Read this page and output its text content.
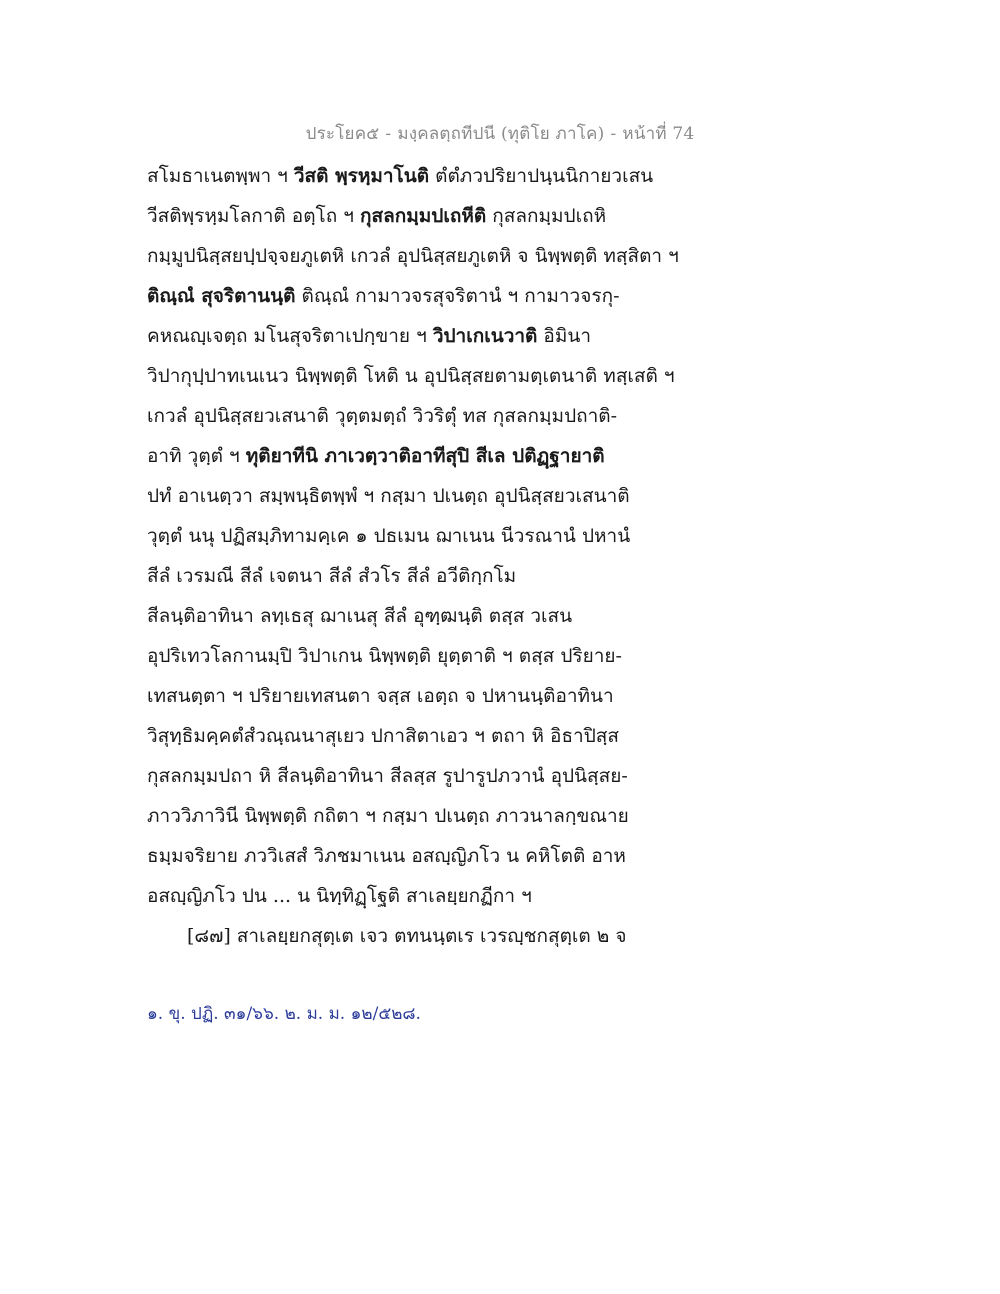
ประโยค๕ - มงฺคลตฺถทีปนี (ทุติโย ภาโค) - หน้าที่ 74
สโมธาเนตพฺพา ฯ วีสติ พฺรหฺมาโนติ ตํตํภวปริยาปนฺนนิกายวเสน
วีสติพฺรหฺมโลกาติ อตฺโถ ฯ กุสลกมฺมปเถหีติ กุสลกมฺมปเถหิ
กมฺมูปนิสฺสยปฺปจฺจยภูเตหิ เกวลํ อุปนิสฺสยภูเตหิ จ นิพฺพตฺติ ทสฺสิตา ฯ
ติณฺณํ สุจริตานนฺติ ติณฺณํ กามาวจรสุจริตานํ ฯ กามาวจรกุ-
คหณญฺเจตฺถ มโนสุจริตาเปกฺขาย ฯ วิปาเกเนวาติ อิมินา
วิปากุปฺปาทเนเนว นิพฺพตฺติ โหติ น อุปนิสฺสยตามตฺเตนาติ ทสฺเสติ ฯ
เกวลํ อุปนิสฺสยวเสนาติ วุตฺตมตฺถํ วิวริตุํ ทส กุสลกมฺมปถาติ-
อาทิ วุตฺตํ ฯ ทุติยาทีนิ ภาเวตฺวาติอาทีสุปิ สีเล ปติฏฺฐายาติ
ปทํ อาเนตฺวา สมฺพนฺธิตพฺพํ ฯ กสฺมา ปเนตฺถ อุปนิสฺสยวเสนาติ
วุตฺตํ นนุ ปฏิสมฺภิทามคฺเค ๑ ปธเมน ฌาเนน นีวรณานํ ปหานํ
สีลํ เวรมณี สีลํ เจตนา สีลํ สํวโร สีลํ อวีติกฺกโม
สีลนฺติอาทินา ลทฺเธสุ ฌาเนสุ สีลํ อุฑฺฒนฺติ ตสฺส วเสน
อุปริเทวโลกานมฺปิ วิปาเกน นิพฺพตฺติ ยุตฺตาติ ฯ ตสฺส ปริยาย-
เทสนตฺตา ฯ ปริยายเทสนตา จสฺส เอตฺถ จ ปหานนฺติอาทินา
วิสุทฺธิมคฺคตํสํวณฺณนาสุเยว ปกาสิตาเอว ฯ ตถา หิ อิธาปิสฺส
กุสลกมฺมปถา หิ สีลนฺติอาทินา สีลสฺส รูปารูปภวานํ อุปนิสฺสย-
ภาววิภาวินี นิพฺพตฺติ กถิตา ฯ กสฺมา ปเนตฺถ ภาวนาลกฺขณาย
ธมฺมจริยาย ภววิเสสํ วิภชมาเนน อสญฺญิภโว น คหิโตติ อาห
อสญฺญิภโว ปน ... น นิทฺทิฏฺโฐติ สาเลยฺยกฏีกา ฯ
[๘๗] สาเลยฺยกสุตฺเต เจว ตทนนฺตเร เวรญฺชกสุตฺเต ๒ จ
๑. ขุ. ปฏิ. ๓๑/๖๖. ๒. ม. ม. ๑๒/๕๒๘.
